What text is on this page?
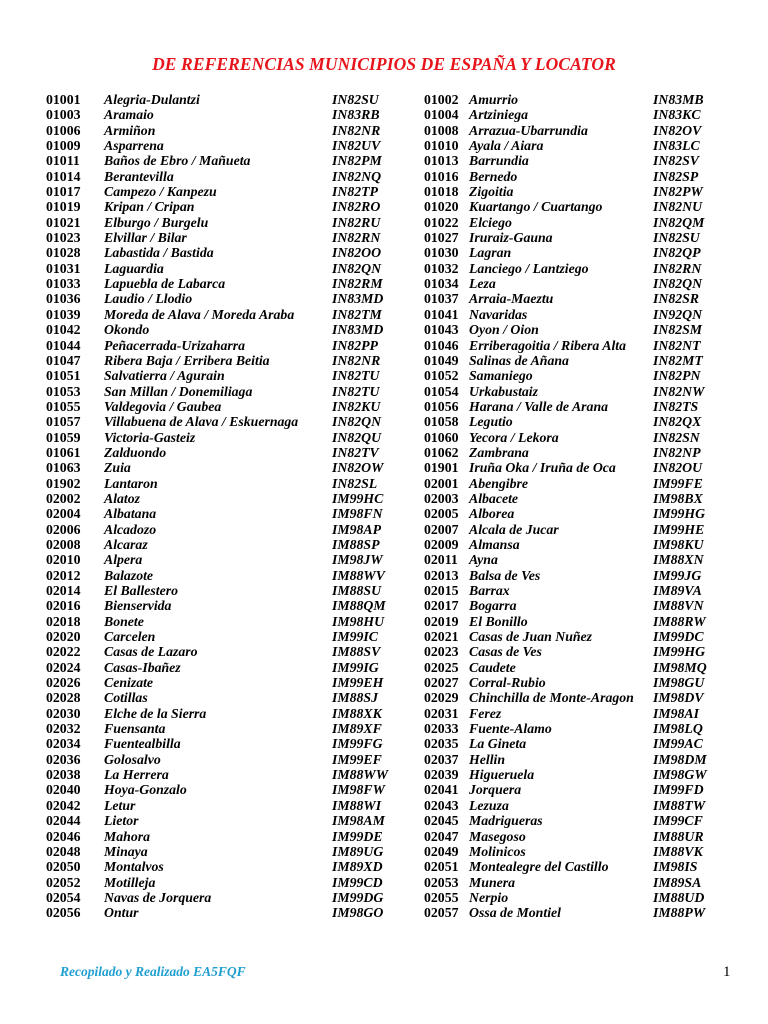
DE REFERENCIAS MUNICIPIOS DE ESPAÑA Y LOCATOR
01001	Alegria-Dulantzi	IN82SU
01003	Aramaio	IN83RB
01006	Armiñon	IN82NR
01009	Asparrena	IN82UV
01011	Baños de Ebro / Mañueta	IN82PM
01014	Berantevilla	IN82NQ
01017	Campezo / Kanpezu	IN82TP
01019	Kripan / Cripan	IN82RO
01021	Elburgo / Burgelu	IN82RU
01023	Elvillar / Bilar	IN82RN
01028	Labastida / Bastida	IN82OO
01031	Laguardia	IN82QN
01033	Lapuebla de Labarca	IN82RM
01036	Laudio / Llodio	IN83MD
01039	Moreda de Alava / Moreda Araba	IN82TM
01042	Okondo	IN83MD
01044	Peñacerrada-Urizaharra	IN82PP
01047	Ribera Baja / Erribera Beitia	IN82NR
01051	Salvatierra / Agurain	IN82TU
01053	San Millan / Donemiliaga	IN82TU
01055	Valdegovia / Gaubea	IN82KU
01057	Villabuena de Alava / Eskuernaga	IN82QN
01059	Victoria-Gasteiz	IN82QU
01061	Zalduondo	IN82TV
01063	Zuia	IN82OW
01902	Lantaron	IN82SL
02002	Alatoz	IM99HC
02004	Albatana	IM98FN
02006	Alcadozo	IM98AP
02008	Alcaraz	IM88SP
02010	Alpera	IM98JW
02012	Balazote	IM88WV
02014	El Ballestero	IM88SU
02016	Bienservida	IM88QM
02018	Bonete	IM98HU
02020	Carcelen	IM99IC
02022	Casas de Lazaro	IM88SV
02024	Casas-Ibañez	IM99IG
02026	Cenizate	IM99EH
02028	Cotillas	IM88SJ
02030	Elche de la Sierra	IM88XK
02032	Fuensanta	IM89XF
02034	Fuentealbilla	IM99FG
02036	Golosalvo	IM99EF
02038	La Herrera	IM88WW
02040	Hoya-Gonzalo	IM98FW
02042	Letur	IM88WI
02044	Lietor	IM98AM
02046	Mahora	IM99DE
02048	Minaya	IM89UG
02050	Montalvos	IM89XD
02052	Motilleja	IM99CD
02054	Navas de Jorquera	IM99DG
02056	Ontur	IM98GO
01002 Amurrio	IN83MB
01004 Artziniega	IN83KC
01008 Arrazua-Ubarrundia	IN82OV
01010 Ayala / Aiara	IN83LC
01013 Barrundia	IN82SV
01016 Bernedo	IN82SP
01018 Zigoitia	IN82PW
01020 Kuartango / Cuartango	IN82NU
01022 Elciego	IN82QM
01027 Iruraiz-Gauna	IN82SU
01030 Lagran	IN82QP
01032 Lanciego / Lantziego	IN82RN
01034 Leza	IN82QN
01037 Arraia-Maeztu	IN82SR
01041 Navaridas	IN92QN
01043 Oyon / Oion	IN82SM
01046 Erriberagoitia / Ribera Alta	IN82NT
01049 Salinas de Añana	IN82MT
01052 Samaniego	IN82PN
01054 Urkabustaiz	IN82NW
01056 Harana / Valle de Arana	IN82TS
01058 Legutio	IN82QX
01060 Yecora / Lekora	IN82SN
01062 Zambrana	IN82NP
01901 Iruña Oka / Iruña de Oca	IN82OU
02001 Abengibre	IM99FE
02003 Albacete	IM98BX
02005 Alborea	IM99HG
02007 Alcala de Jucar	IM99HE
02009 Almansa	IM98KU
02011 Ayna	IM88XN
02013 Balsa de Ves	IM99JG
02015 Barrax	IM89VA
02017 Bogarra	IM88VN
02019 El Bonillo	IM88RW
02021 Casas de Juan Nuñez	IM99DC
02023 Casas de Ves	IM99HG
02025 Caudete	IM98MQ
02027 Corral-Rubio	IM98GU
02029 Chinchilla de Monte-Aragon	IM98DV
02031 Ferez	IM98AI
02033 Fuente-Alamo	IM98LQ
02035 La Gineta	IM99AC
02037 Hellin	IM98DM
02039 Higueruela	IM98GW
02041 Jorquera	IM99FD
02043 Lezuza	IM88TW
02045 Madrigueras	IM99CF
02047 Masegoso	IM88UR
02049 Molinicos	IM88VK
02051 Montealegre del Castillo	IM98IS
02053 Munera	IM89SA
02055 Nerpio	IM88UD
02057 Ossa de Montiel	IM88PW
Recopilado y Realizado EA5FQF	1
